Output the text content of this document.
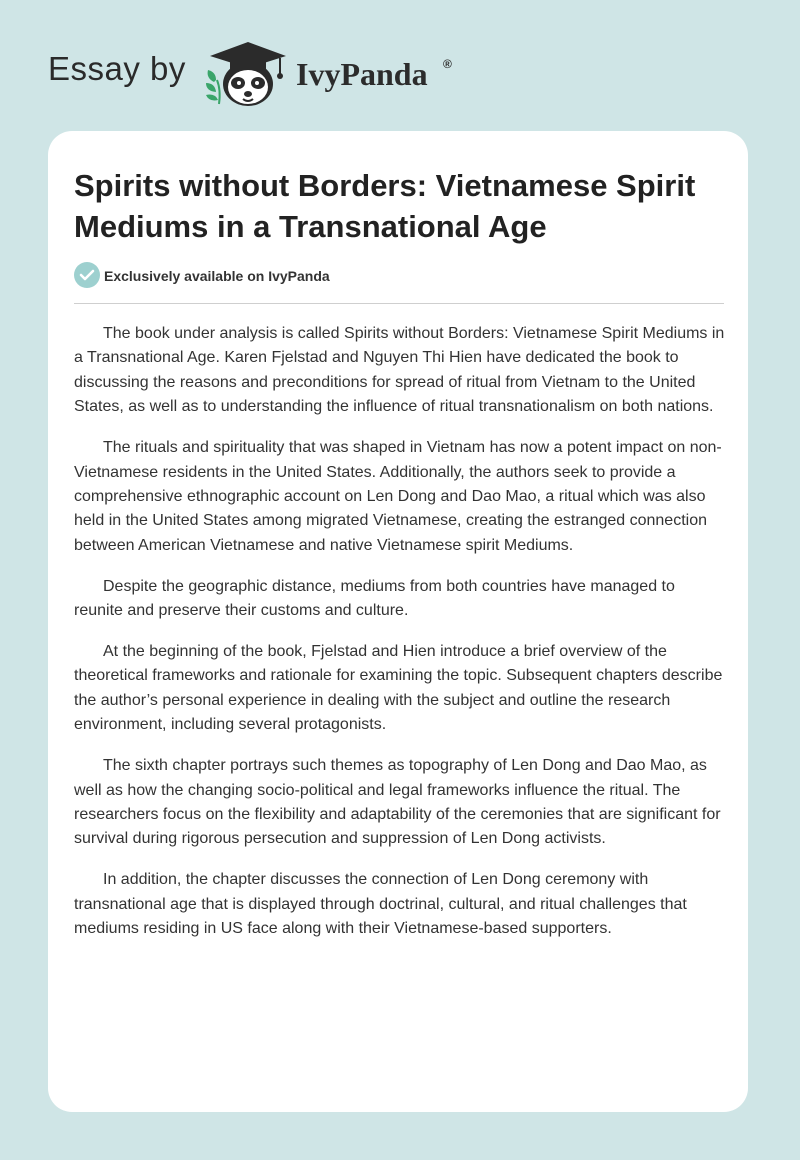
Essay by	IvyPanda ®
Spirits without Borders: Vietnamese Spirit Mediums in a Transnational Age
Exclusively available on IvyPanda

The book under analysis is called Spirits without Borders: Vietnamese Spirit Mediums in a Transnational Age. Karen Fjelstad and Nguyen Thi Hien have dedicated the book to discussing the reasons and preconditions for spread of ritual from Vietnam to the United States, as well as to understanding the influence of ritual transnationalism on both nations.

The rituals and spirituality that was shaped in Vietnam has now a potent impact on non-Vietnamese residents in the United States. Additionally, the authors seek to provide a comprehensive ethnographic account on Len Dong and Dao Mao, a ritual which was also held in the United States among migrated Vietnamese, creating the estranged connection between American Vietnamese and native Vietnamese spirit Mediums.

Despite the geographic distance, mediums from both countries have managed to reunite and preserve their customs and culture.

At the beginning of the book, Fjelstad and Hien introduce a brief overview of the theoretical frameworks and rationale for examining the topic. Subsequent chapters describe the author’s personal experience in dealing with the subject and outline the research environment, including several protagonists.

The sixth chapter portrays such themes as topography of Len Dong and Dao Mao, as well as how the changing socio-political and legal frameworks influence the ritual. The researchers focus on the flexibility and adaptability of the ceremonies that are significant for survival during rigorous persecution and suppression of Len Dong activists.

In addition, the chapter discusses the connection of Len Dong ceremony with transnational age that is displayed through doctrinal, cultural, and ritual challenges that mediums residing in US face along with their Vietnamese-based supporters.
